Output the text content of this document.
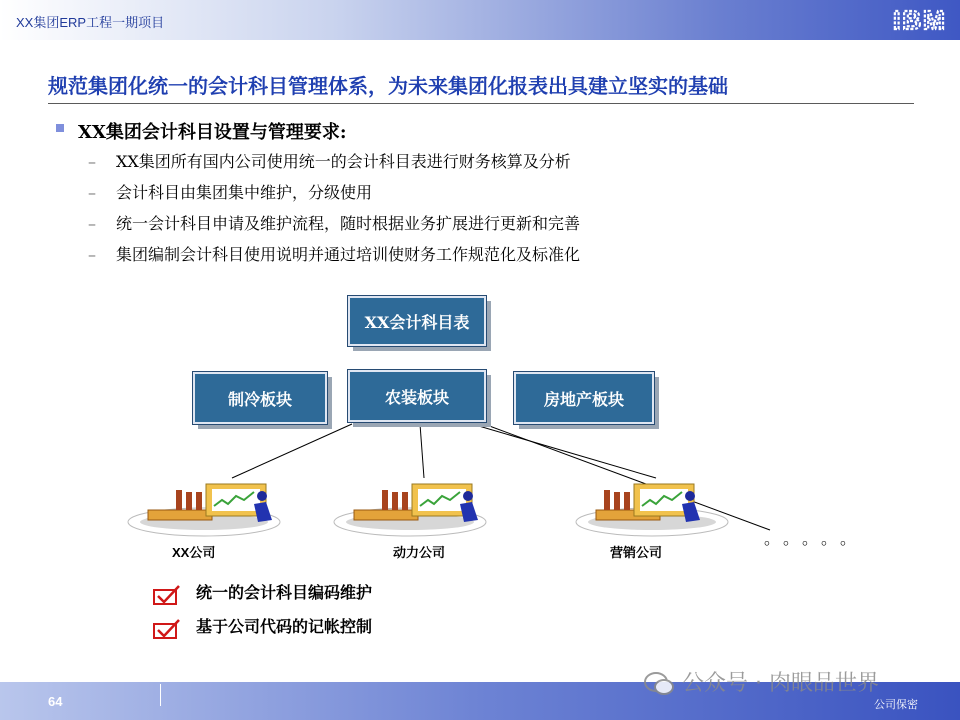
XX集团ERP工程一期项目	IBM
规范集团化统一的会计科目管理体系，为未来集团化报表出具建立坚实的基础
XX集团会计科目设置与管理要求:
– XX集团所有国内公司使用统一的会计科目表进行财务核算及分析
– 会计科目由集团集中维护，分级使用
– 统一会计科目申请及维护流程，随时根据业务扩展进行更新和完善
– 集团编制会计科目使用说明并通过培训使财务工作规范化及标准化
XX会计科目表
制冷板块	农装板块	房地产板块
XX公司	动力公司	营销公司
。。。。。
统一的会计科目编码维护
基于公司代码的记帐控制
64	公司保密
公众号 · 肉眼品世界
